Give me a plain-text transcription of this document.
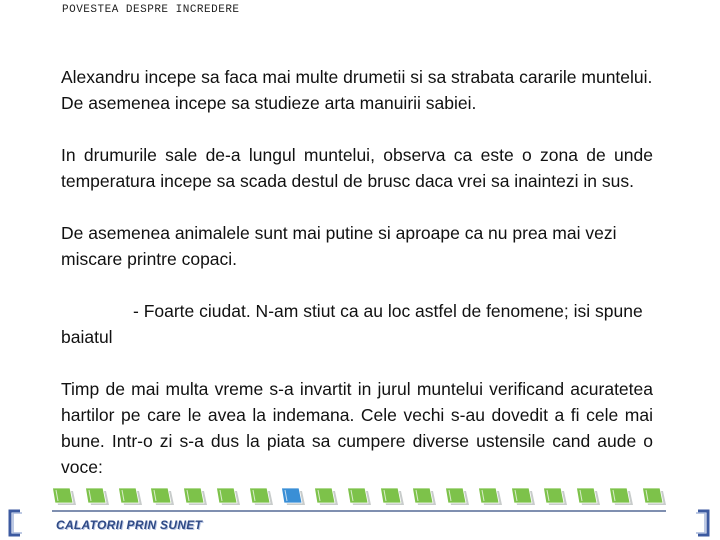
POVESTEA DESPRE INCREDERE

Alexandru incepe sa faca mai multe drumetii si sa strabata cararile muntelui. De asemenea incepe sa studieze arta manuirii sabiei.

In drumurile sale de-a lungul muntelui, observa ca este o zona de unde temperatura incepe sa scada destul de brusc daca vrei sa inaintezi in sus.

De asemenea animalele sunt mai putine si aproape ca nu prea mai vezi miscare printre copaci.

- Foarte ciudat. N-am stiut ca au loc astfel de fenomene; isi spune baiatul

Timp de mai multa vreme s-a invartit in jurul muntelui verificand acuratetea hartilor pe care le avea la indemana. Cele vechi s-au dovedit a fi cele mai bune. Intr-o zi s-a dus la piata sa cumpere diverse ustensile cand aude o voce:

CALATORII PRIN SUNET
